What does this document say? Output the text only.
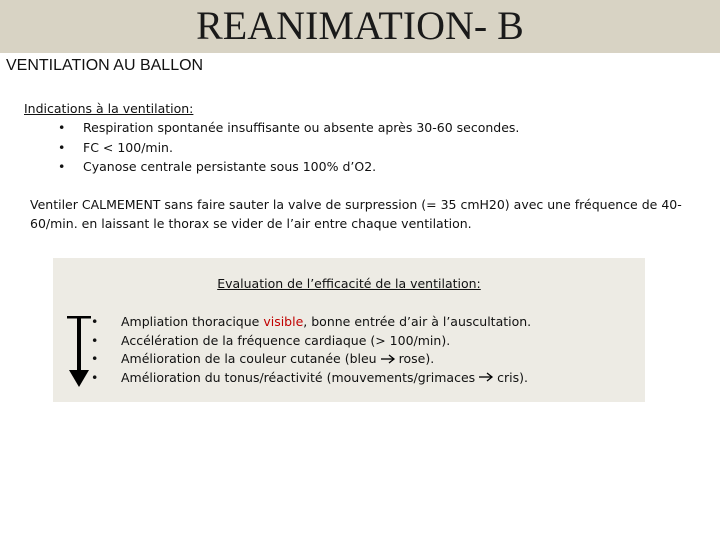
REANIMATION- B
VENTILATION AU BALLON
Indications à la ventilation:
• Respiration spontanée insuffisante ou absente après 30-60 secondes.
• FC < 100/min.
• Cyanose centrale persistante sous 100% d’O2.
Ventiler CALMEMENT sans faire sauter la valve de surpression (= 35 cmH20) avec une fréquence de 40-60/min. en laissant le thorax se vider de l’air entre chaque ventilation.
Evaluation de l’efficacité de la ventilation:
• Ampliation thoracique visible, bonne entrée d’air à l’auscultation.
• Accélération de la fréquence cardiaque (> 100/min).
• Amélioration de la couleur cutanée (bleu rose).
• Amélioration du tonus/réactivité (mouvements/grimaces cris).
